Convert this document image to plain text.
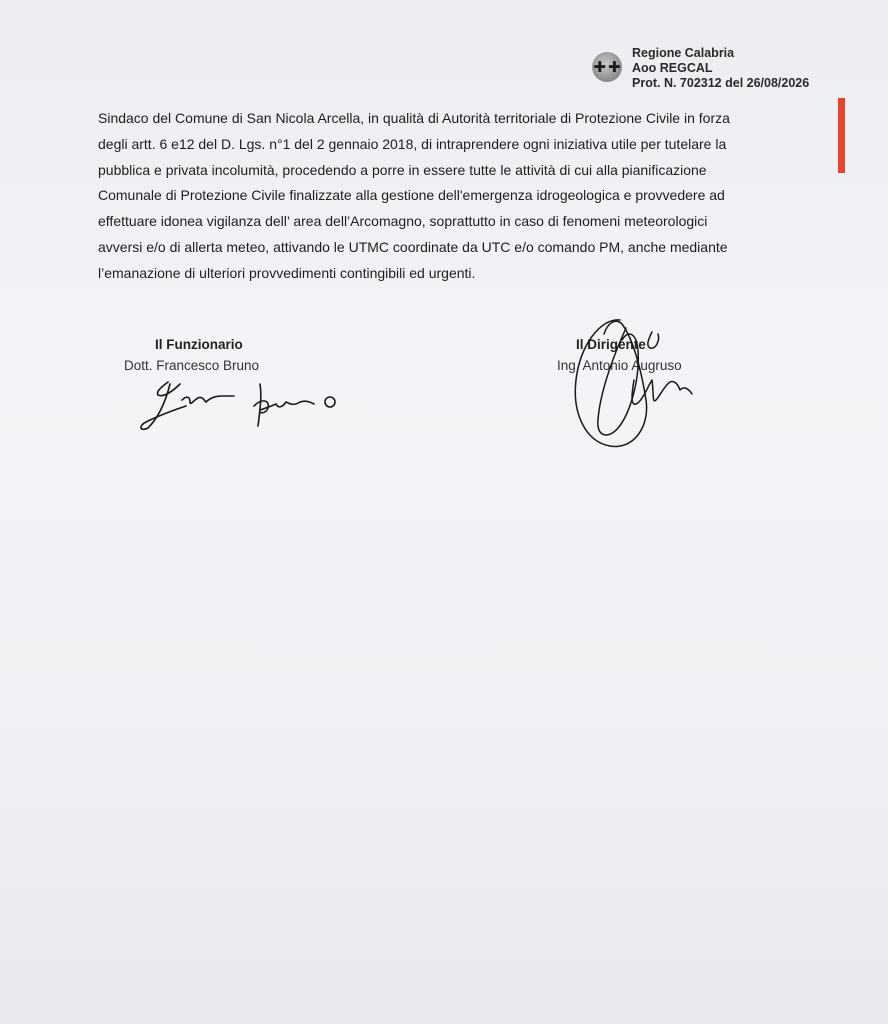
✚✚
Regione Calabria
Aoo REGCAL
Prot. N. 702312 del 26/08/2026

Sindaco del Comune di San Nicola Arcella, in qualità di Autorità territoriale di Protezione Civile in forza

degli artt. 6 e12 del D. Lgs. n°1 del 2 gennaio 2018, di intraprendere ogni iniziativa utile per tutelare la

pubblica e privata incolumità, procedendo a porre in essere tutte le attività di cui alla pianificazione

Comunale di Protezione Civile finalizzate alla gestione dell'emergenza idrogeologica e provvedere ad

effettuare idonea vigilanza dell’ area dell’Arcomagno, soprattutto in caso di fenomeni meteorologici

avversi e/o di allerta meteo, attivando le UTMC coordinate da UTC e/o comando PM, anche mediante

l’emanazione di ulteriori provvedimenti contingibili ed urgenti.

Il Funzionario
Dott. Francesco Bruno
Il Dirigente
Ing. Antonio Augruso
